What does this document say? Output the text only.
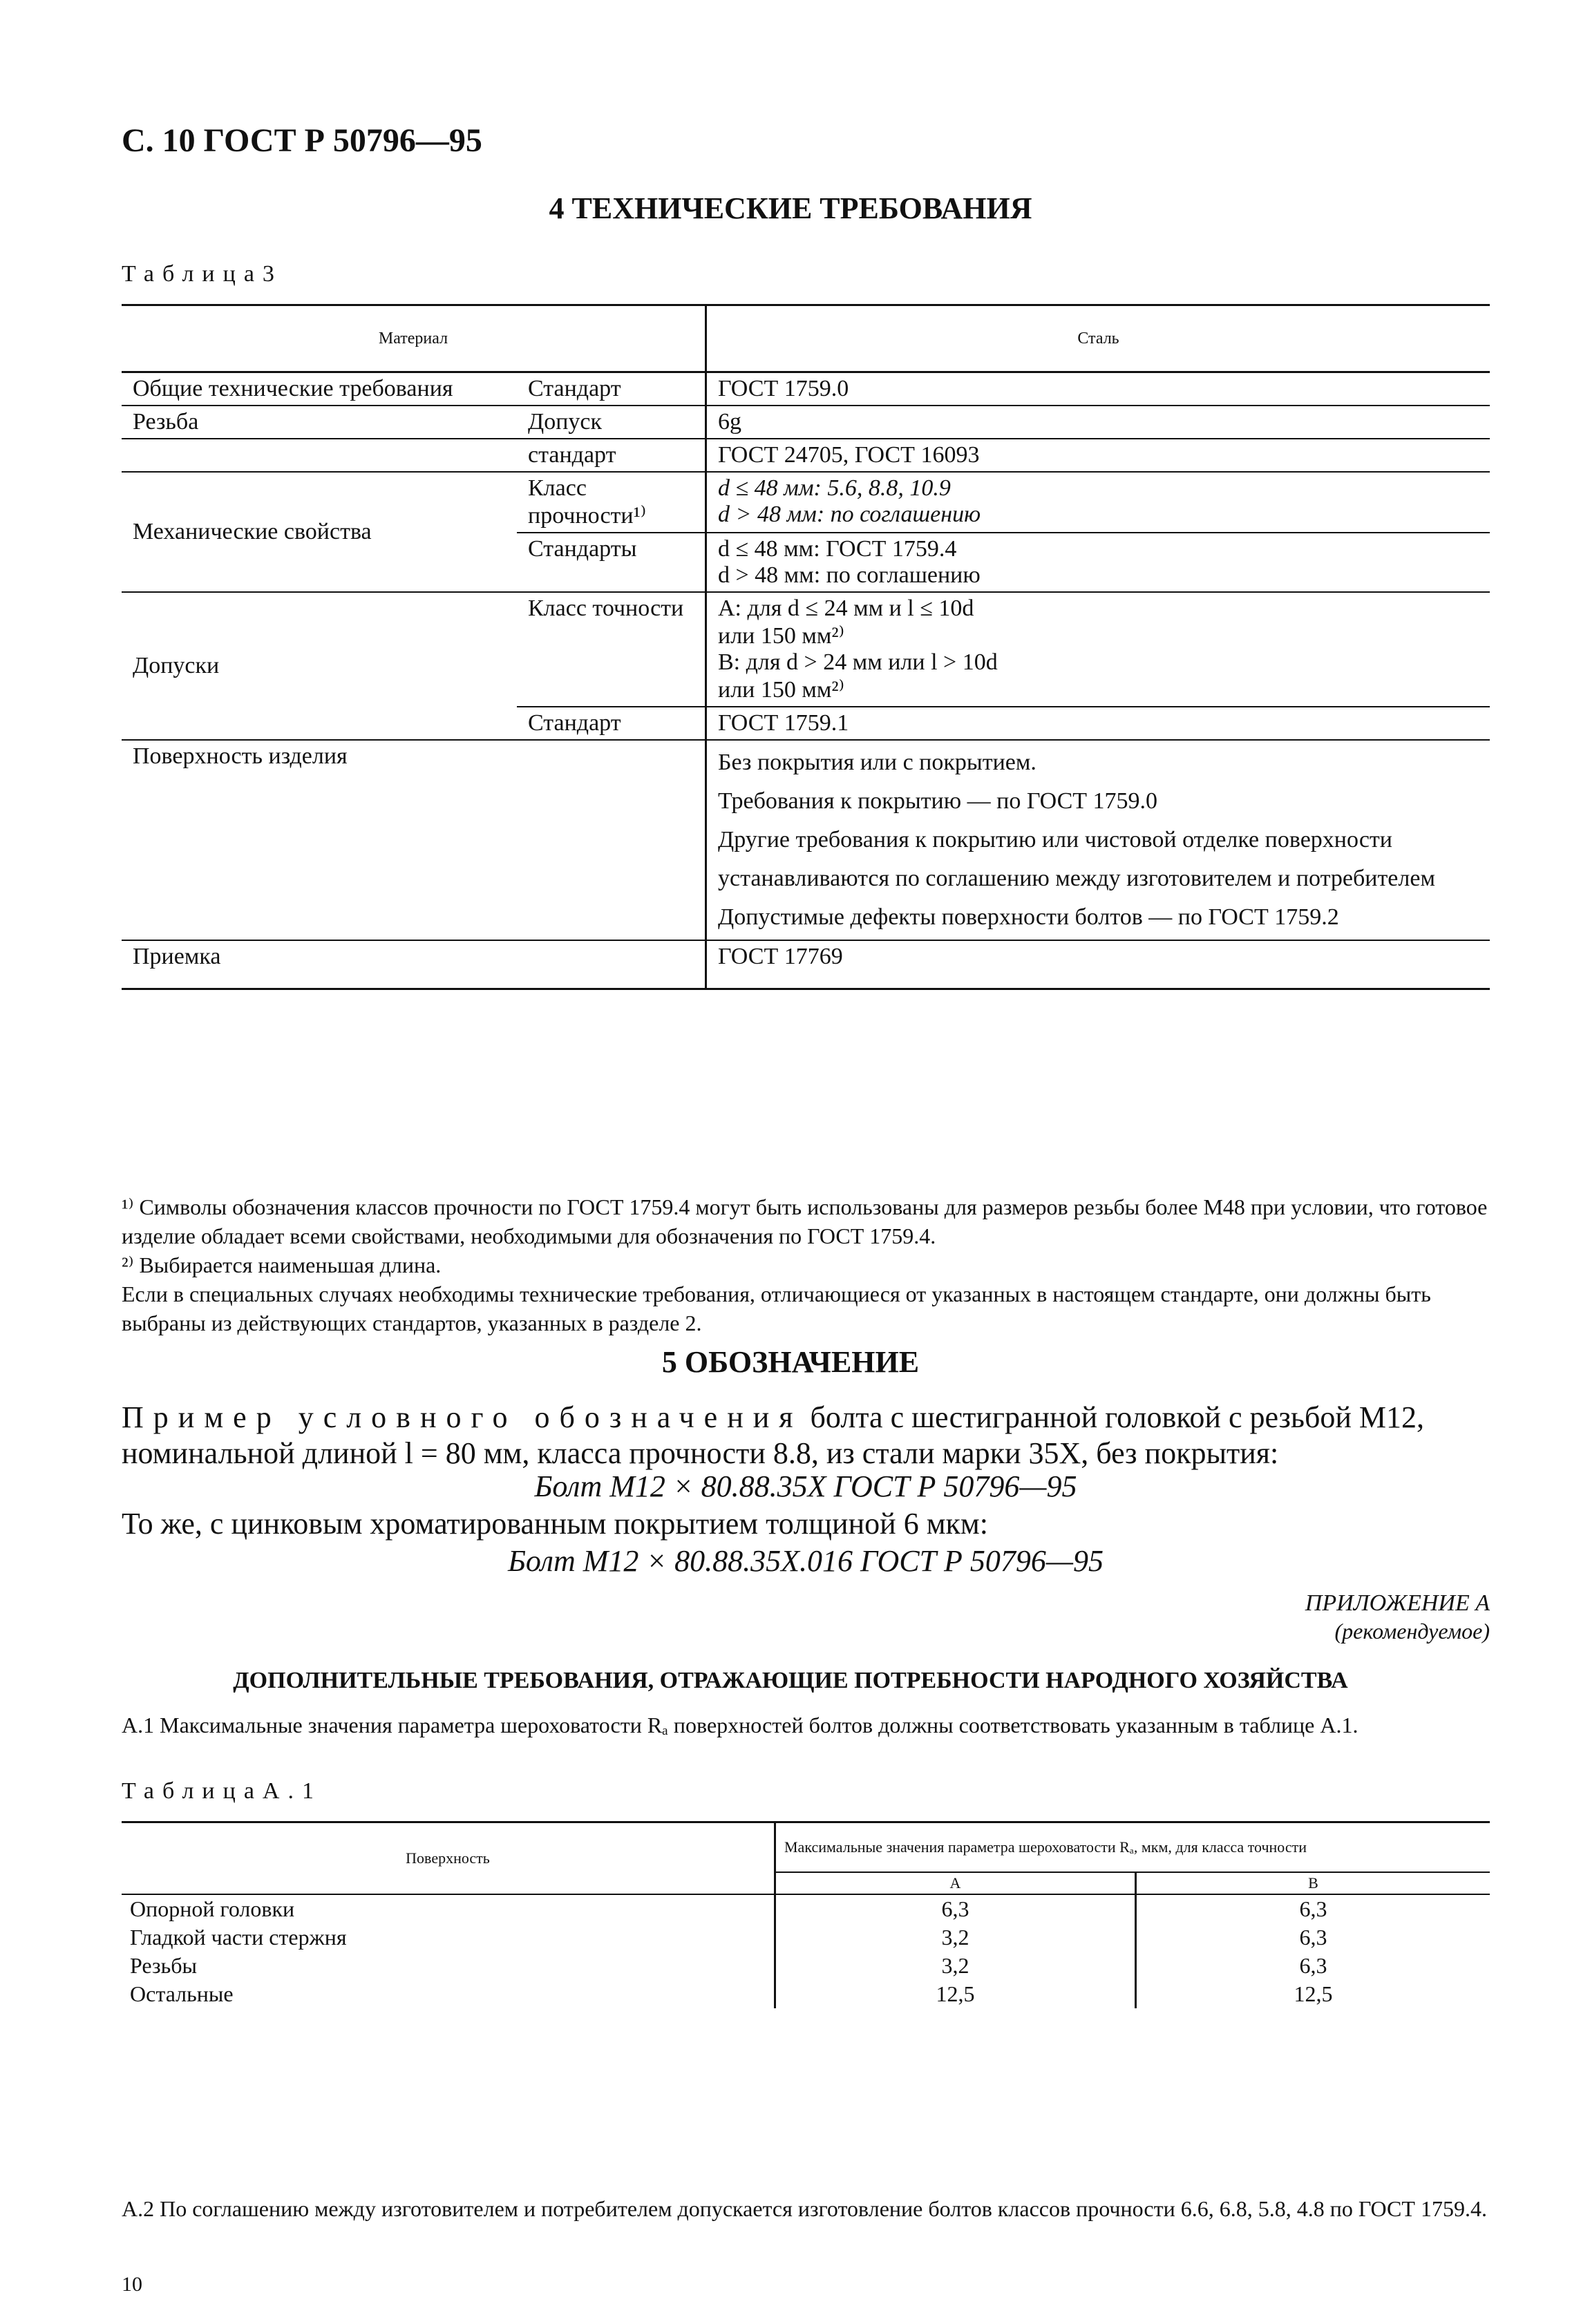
С. 10 ГОСТ Р 50796—95
4 ТЕХНИЧЕСКИЕ ТРЕБОВАНИЯ
Таблица3
Материал		Сталь
Общие технические требования	Стандарт	ГОСТ 1759.0
Резьба	Допуск	6g
	стандарт	ГОСТ 24705, ГОСТ 16093
Механические свойства	Класс прочности¹⁾	d ≤ 48 мм: 5.6, 8.8, 10.9
d > 48 мм: по соглашению

	Стандарты	d ≤ 48 мм: ГОСТ 1759.4
d > 48 мм: по соглашению

Допуски	Класс точности	А: для d ≤ 24 мм и l ≤ 10d
или 150 мм²⁾
В: для d > 24 мм или l > 10d
или 150 мм²⁾

	Стандарт	ГОСТ 1759.1
Поверхность изделия		Без покрытия или с покрытием.
Требования к покрытию — по ГОСТ 1759.0
Другие требования к покрытию или чистовой отделке поверхности устанавливаются по соглашению между изготовителем и потребителем
Допустимые дефекты поверхности болтов — по ГОСТ 1759.2

Приемка		ГОСТ 17769
¹⁾ Символы обозначения классов прочности по ГОСТ 1759.4 могут быть использованы для размеров резьбы более М48 при условии, что готовое изделие обладает всеми свойствами, необходимыми для обозначения по ГОСТ 1759.4.
²⁾ Выбирается наименьшая длина.
Если в специальных случаях необходимы технические требования, отличающиеся от указанных в настоящем стандарте, они должны быть выбраны из действующих стандартов, указанных в разделе 2.
5 ОБОЗНАЧЕНИЕ
Пример условного обозначения болта с шестигранной головкой с резьбой М12, номинальной длиной l = 80 мм, класса прочности 8.8, из стали марки 35Х, без покрытия:
Болт М12 × 80.88.35Х ГОСТ Р 50796—95
То же, с цинковым хроматированным покрытием толщиной 6 мкм:
Болт М12 × 80.88.35Х.016 ГОСТ Р 50796—95
ПРИЛОЖЕНИЕ А
(рекомендуемое)
ДОПОЛНИТЕЛЬНЫЕ ТРЕБОВАНИЯ, ОТРАЖАЮЩИЕ ПОТРЕБНОСТИ НАРОДНОГО ХОЗЯЙСТВА
А.1 Максимальные значения параметра шероховатости Rₐ поверхностей болтов должны соответствовать указанным в таблице А.1.
ТаблицаА.1
Поверхность	Максимальные значения параметра шероховатости Rₐ, мкм, для класса точности	
	А	В
Опорной головки	6,3	6,3
Гладкой части стержня	3,2	6,3
Резьбы	3,2	6,3
Остальные	12,5	12,5
А.2 По соглашению между изготовителем и потребителем допускается изготовление болтов классов прочности 6.6, 6.8, 5.8, 4.8 по ГОСТ 1759.4.
10
